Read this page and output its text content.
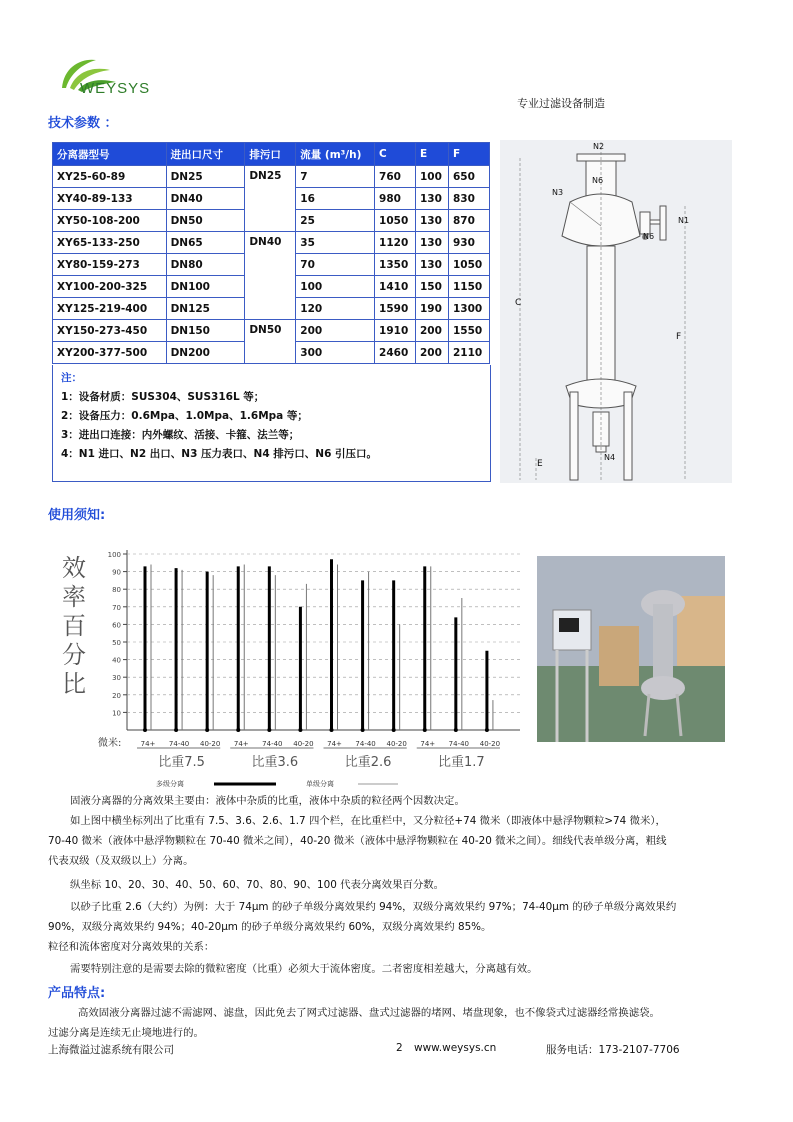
WEYSYS
专业过滤设备制造
技术参数 ：
分离器型号	进出口尺寸	排污口	流量 (m³/h)	C	E	F
XY25-60-89	DN25	DN25	7	760	100	650
XY40-89-133	DN40		16	980	130	830
XY50-108-200	DN50		25	1050	130	870
XY65-133-250	DN65	DN40	35	1120	130	930
XY80-159-273	DN80		70	1350	130	1050
XY100-200-325	DN100		100	1410	150	1150
XY125-219-400	DN125		120	1590	190	1300
XY150-273-450	DN150	DN50	200	1910	200	1550
XY200-377-500	DN200		300	2460	200	2110
注：
1：设备材质：SUS304、SUS316L 等；
2：设备压力：0.6Mpa、1.0Mpa、1.6Mpa 等；
3：进出口连接：内外螺纹、活接、卡箍、法兰等；
4：N1 进口、N2 出口、N3 压力表口、N4 排污口、N6 引压口。
N2
N6
N3
N1
N6
C
F
N4
E
使用须知:
效率百分比
10
20
30
40
50
60
70
80
90
100
微米:	74+ 74-40 40-20
比重7.5
74+ 74-40 40-20
比重3.6
74+ 74-40 40-20
比重2.6
74+ 74-40 40-20
比重1.7
多级分离	单级分离
固液分离器的分离效果主要由：液体中杂质的比重，液体中杂质的粒径两个因数决定。
如上图中横坐标列出了比重有 7.5、3.6、2.6、1.7 四个栏，在比重栏中，又分粒径+74 微米（即液体中悬浮物颗粒>74 微米），
70-40 微米（液体中悬浮物颗粒在 70-40 微米之间），40-20 微米（液体中悬浮物颗粒在 40-20 微米之间）。细线代表单级分离，粗线
代表双级（及双级以上）分离。
纵坐标 10、20、30、40、50、60、70、80、90、100 代表分离效果百分数。
以砂子比重 2.6（大约）为例：大于 74μm 的砂子单级分离效果约 94%，双级分离效果约 97%；74-40μm 的砂子单级分离效果约
90%，双级分离效果约 94%；40-20μm 的砂子单级分离效果约 60%，双级分离效果约 85%。
粒径和流体密度对分离效果的关系：
需要特别注意的是需要去除的微粒密度（比重）必须大于流体密度。二者密度相差越大，分离越有效。
产品特点:
高效固液分离器过滤不需滤网、滤盘，因此免去了网式过滤器、盘式过滤器的堵网、堵盘现象，也不像袋式过滤器经常换滤袋。
过滤分离是连续无止境地进行的。
上海微溢过滤系统有限公司	2 www.weysys.cn	服务电话：173-2107-7706
